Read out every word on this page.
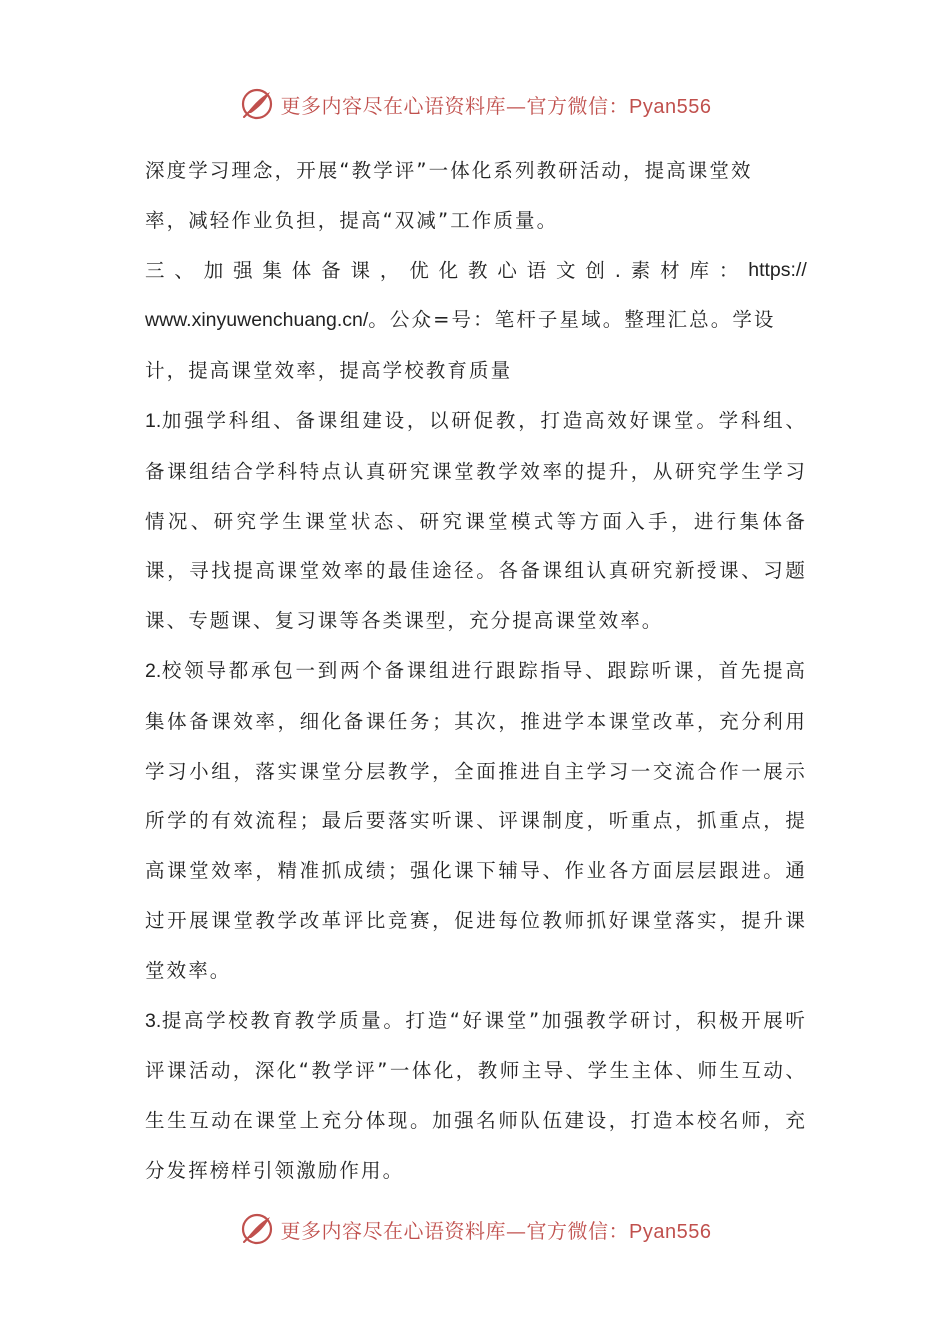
更多内容尽在心语资料库—官方微信：Pyan556

深度学习理念，开展“教学评”一体化系列教研活动，提高课堂效
率，减轻作业负担，提高“双减”工作质量。

三 、 加 强 集 体 备 课 ， 优 化 教 心 语 文 创 . 素 材 库 ： https://

www.xinyuwenchuang.cn/。公众=号：笔杆子星域。整理汇总。学设
计，提高课堂效率，提高学校教育质量

1.加强学科组、备课组建设，以研促教，打造高效好课堂。学科组、备课组结合学科特点认真研究课堂教学效率的提升，从研究学生学习情况、研究学生课堂状态、研究课堂模式等方面入手，进行集体备课，寻找提高课堂效率的最佳途径。各备课组认真研究新授课、习题课、专题课、复习课等各类课型，充分提高课堂效率。

2.校领导都承包一到两个备课组进行跟踪指导、跟踪听课，首先提高集体备课效率，细化备课任务；其次，推进学本课堂改革，充分利用学习小组，落实课堂分层教学，全面推进自主学习一交流合作一展示所学的有效流程；最后要落实听课、评课制度，听重点，抓重点，提高课堂效率，精准抓成绩；强化课下辅导、作业各方面层层跟进。通过开展课堂教学改革评比竞赛，促进每位教师抓好课堂落实，提升课堂效率。

3.提高学校教育教学质量。打造“好课堂”加强教学研讨，积极开展听评课活动，深化“教学评”一体化，教师主导、学生主体、师生互动、生生互动在课堂上充分体现。加强名师队伍建设，打造本校名师，充分发挥榜样引领激励作用。

更多内容尽在心语资料库—官方微信：Pyan556
